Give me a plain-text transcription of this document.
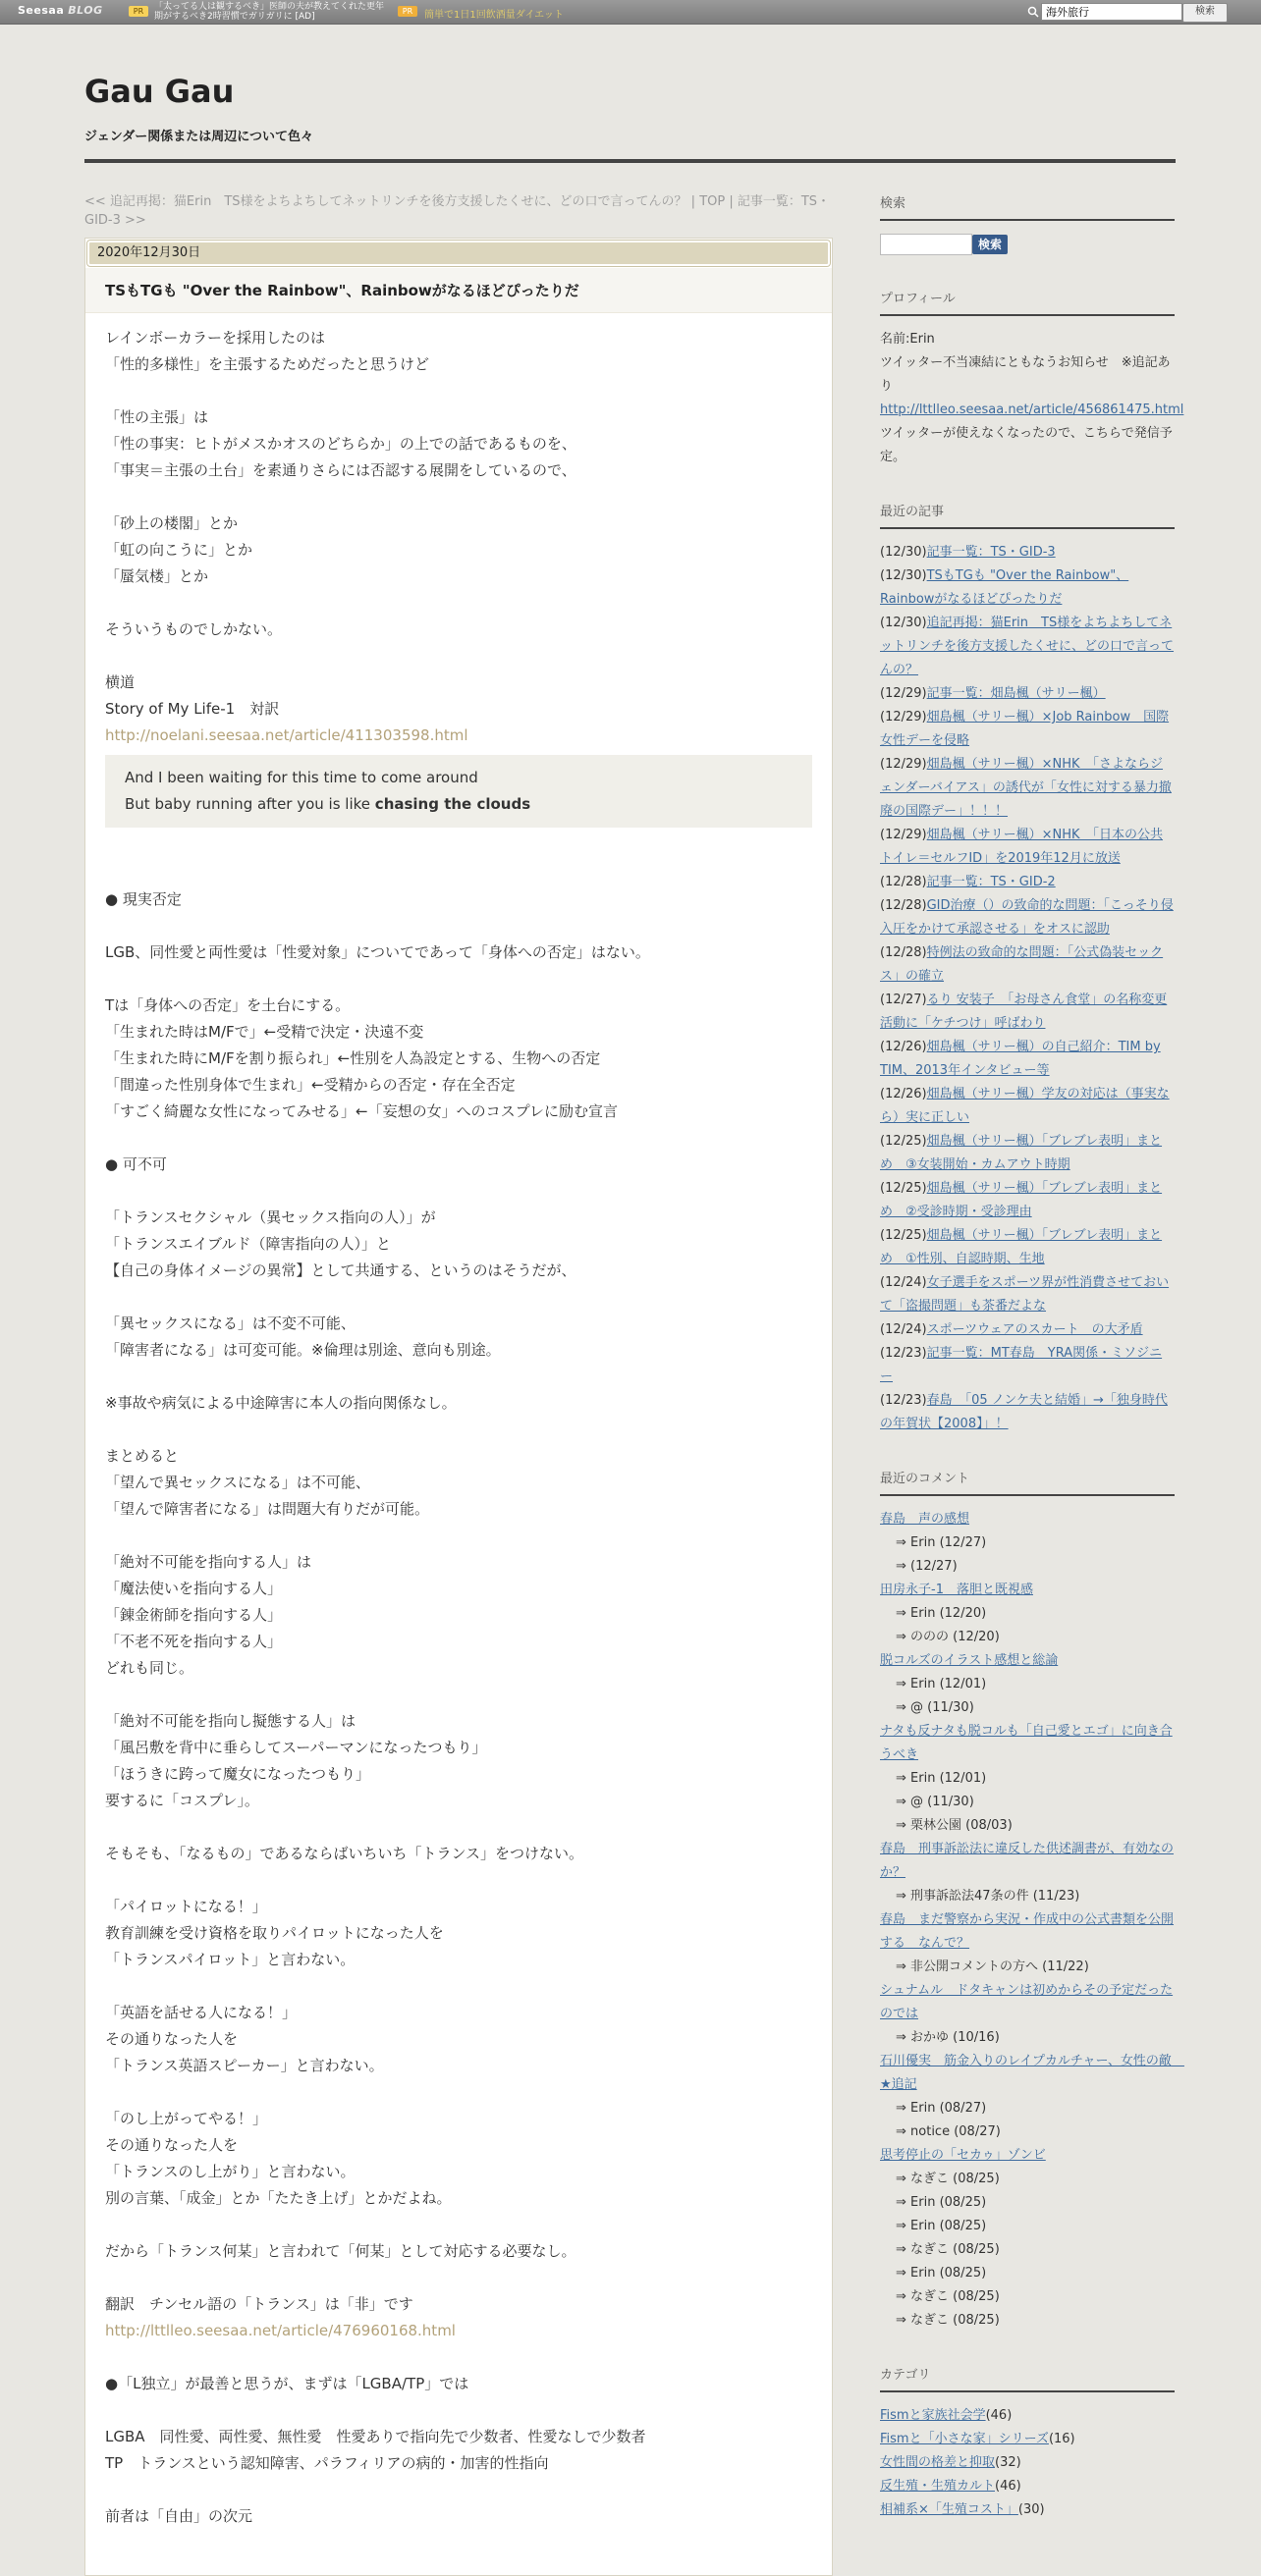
Seesaa BLOG	PR	「太ってる人は観するべき」医師の夫が教えてくれた更年期がするべき2時習慣でガリガリに [AD]
PR	簡単で1日1回飲酒量ダイエット
海外旅行	検索
Gau Gau
ジェンダー関係または周辺について色々
<< 追記再掲：猫Erin　TS様をよちよちしてネットリンチを後方支援したくせに、どの口で言ってんの？ | TOP | 記事一覧：TS・GID-3 >>
2020年12月30日
TSもTGも "Over the Rainbow"、Rainbowがなるほどぴったりだ
レインボーカラーを採用したのは
「性的多様性」を主張するためだったと思うけど
「性の主張」は
「性の事実：ヒトがメスかオスのどちらか」の上での話であるものを、
「事実＝主張の土台」を素通りさらには否認する展開をしているので、
「砂上の楼閣」とか
「虹の向こうに」とか
「蜃気楼」とか
そういうものでしかない。
横道
Story of My Life-1　対訳
http://noelani.seesaa.net/article/411303598.html
And I been waiting for this time to come around
But baby running after you is like chasing the clouds
● 現実否定
LGB、同性愛と両性愛は「性愛対象」についてであって「身体への否定」はない。
Tは「身体への否定」を土台にする。
「生まれた時はM/Fで」←受精で決定・決遠不変
「生まれた時にM/Fを割り振られ」←性別を人為設定とする、生物への否定
「間違った性別身体で生まれ」←受精からの否定・存在全否定
「すごく綺麗な女性になってみせる」←「妄想の女」へのコスプレに励む宣言
● 可不可
「トランスセクシャル（異セックス指向の人）」が
「トランスエイブルド（障害指向の人）」と
【自己の身体イメージの異常】として共通する、というのはそうだが、
「異セックスになる」は不変不可能、
「障害者になる」は可変可能。※倫理は別途、意向も別途。
※事故や病気による中途障害に本人の指向関係なし。
まとめると
「望んで異セックスになる」は不可能、
「望んで障害者になる」は問題大有りだが可能。
「絶対不可能を指向する人」は
「魔法使いを指向する人」
「錬金術師を指向する人」
「不老不死を指向する人」
どれも同じ。
「絶対不可能を指向し擬態する人」は
「風呂敷を背中に垂らしてスーパーマンになったつもり」
「ほうきに跨って魔女になったつもり」
要するに「コスプレ」。
そもそも、「なるもの」であるならばいちいち「トランス」をつけない。
「パイロットになる！」
教育訓練を受け資格を取りパイロットになった人を
「トランスパイロット」と言わない。
「英語を話せる人になる！」
その通りなった人を
「トランス英語スピーカー」と言わない。
「のし上がってやる！」
その通りなった人を
「トランスのし上がり」と言わない。
別の言葉、「成金」とか「たたき上げ」とかだよね。
だから「トランス何某」と言われて「何某」として対応する必要なし。
翻訳　チンセル語の「トランス」は「非」です
http://lttlleo.seesaa.net/article/476960168.html
●「L独立」が最善と思うが、まずは「LGBA/TP」では
LGBA　同性愛、両性愛、無性愛　性愛ありで指向先で少数者、性愛なしで少数者
TP　トランスという認知障害、パラフィリアの病的・加害的性指向
前者は「自由」の次元
検索
検索
プロフィール
名前:Erin
ツイッター不当凍結にともなうお知らせ　※追記あり
http://lttlleo.seesaa.net/article/456861475.html
ツイッターが使えなくなったので、こちらで発信予定。
最近の記事
(12/30)記事一覧：TS・GID-3
(12/30)TSもTGも "Over the Rainbow"、Rainbowがなるほどぴったりだ
(12/30)追記再掲：猫Erin　TS様をよちよちしてネットリンチを後方支援したくせに、どの口で言ってんの？
(12/29)記事一覧：畑島楓（サリー楓）
(12/29)畑島楓（サリー楓）×Job Rainbow　国際女性デーを侵略
(12/29)畑島楓（サリー楓）×NHK　「さよならジェンダーバイアス」の誘代が「女性に対する暴力撤廃の国際デー」！！！
(12/29)畑島楓（サリー楓）×NHK　「日本の公共トイレ＝セルフID」を2019年12月に放送
(12/28)記事一覧：TS・GID-2
(12/28)GID治療（）の致命的な問題：「こっそり侵入圧をかけて承認させる」をオスに認助
(12/28)特例法の致命的な問題：「公式偽装セックス」の確立
(12/27)るり 安装子　「お母さん食堂」の名称変更活動に「ケチつけ」呼ばわり
(12/26)畑島楓（サリー楓）の自己紹介：TIM by TIM、2013年インタビュー等
(12/26)畑島楓（サリー楓）学友の対応は（事実なら）実に正しい
(12/25)畑島楓（サリー楓）「ブレブレ表明」まとめ　③女装開始・カムアウト時期
(12/25)畑島楓（サリー楓）「ブレブレ表明」まとめ　②受診時期・受診理由
(12/25)畑島楓（サリー楓）「ブレブレ表明」まとめ　①性別、自認時期、生地
(12/24)女子選手をスポーツ界が性消費させておいて「盗撮問題」も茶番だよな
(12/24)スポーツウェアのスカート　の大矛盾
(12/23)記事一覧：MT春島　YRA関係・ミソジニー
(12/23)春島　「05 ノンケ夫と結婚」→「独身時代の年賀状【2008】」！
最近のコメント
春島　声の感想
⇒ Erin (12/27)
⇒ (12/27)
田房永子-1　落胆と既視感
⇒ Erin (12/20)
⇒ ののの (12/20)
脱コルズのイラスト感想と総論
⇒ Erin (12/01)
⇒ @ (11/30)
ナタも反ナタも脱コルも「自己愛とエゴ」に向き合うべき
⇒ Erin (12/01)
⇒ @ (11/30)
⇒ 栗林公園 (08/03)
春島　刑事訴訟法に違反した供述調書が、有効なのか？
⇒ 刑事訴訟法47条の件 (11/23)
春島　まだ警察から実況・作成中の公式書類を公開する　なんで？
⇒ 非公開コメントの方へ (11/22)
シュナムル　ドタキャンは初めからその予定だったのでは
⇒ おかゆ (10/16)
石川優実　筋金入りのレイプカルチャー、女性の敵　★追記
⇒ Erin (08/27)
⇒ notice (08/27)
思考停止の「セカゥ」ゾンビ
⇒ なぎこ (08/25)
⇒ Erin (08/25)
⇒ Erin (08/25)
⇒ なぎこ (08/25)
⇒ Erin (08/25)
⇒ なぎこ (08/25)
⇒ なぎこ (08/25)
カテゴリ
Fismと家族社会学(46)
Fismと「小さな家」シリーズ(16)
女性間の格差と抑取(32)
反生殖・生殖カルト(46)
相補系×「生殖コスト」(30)
